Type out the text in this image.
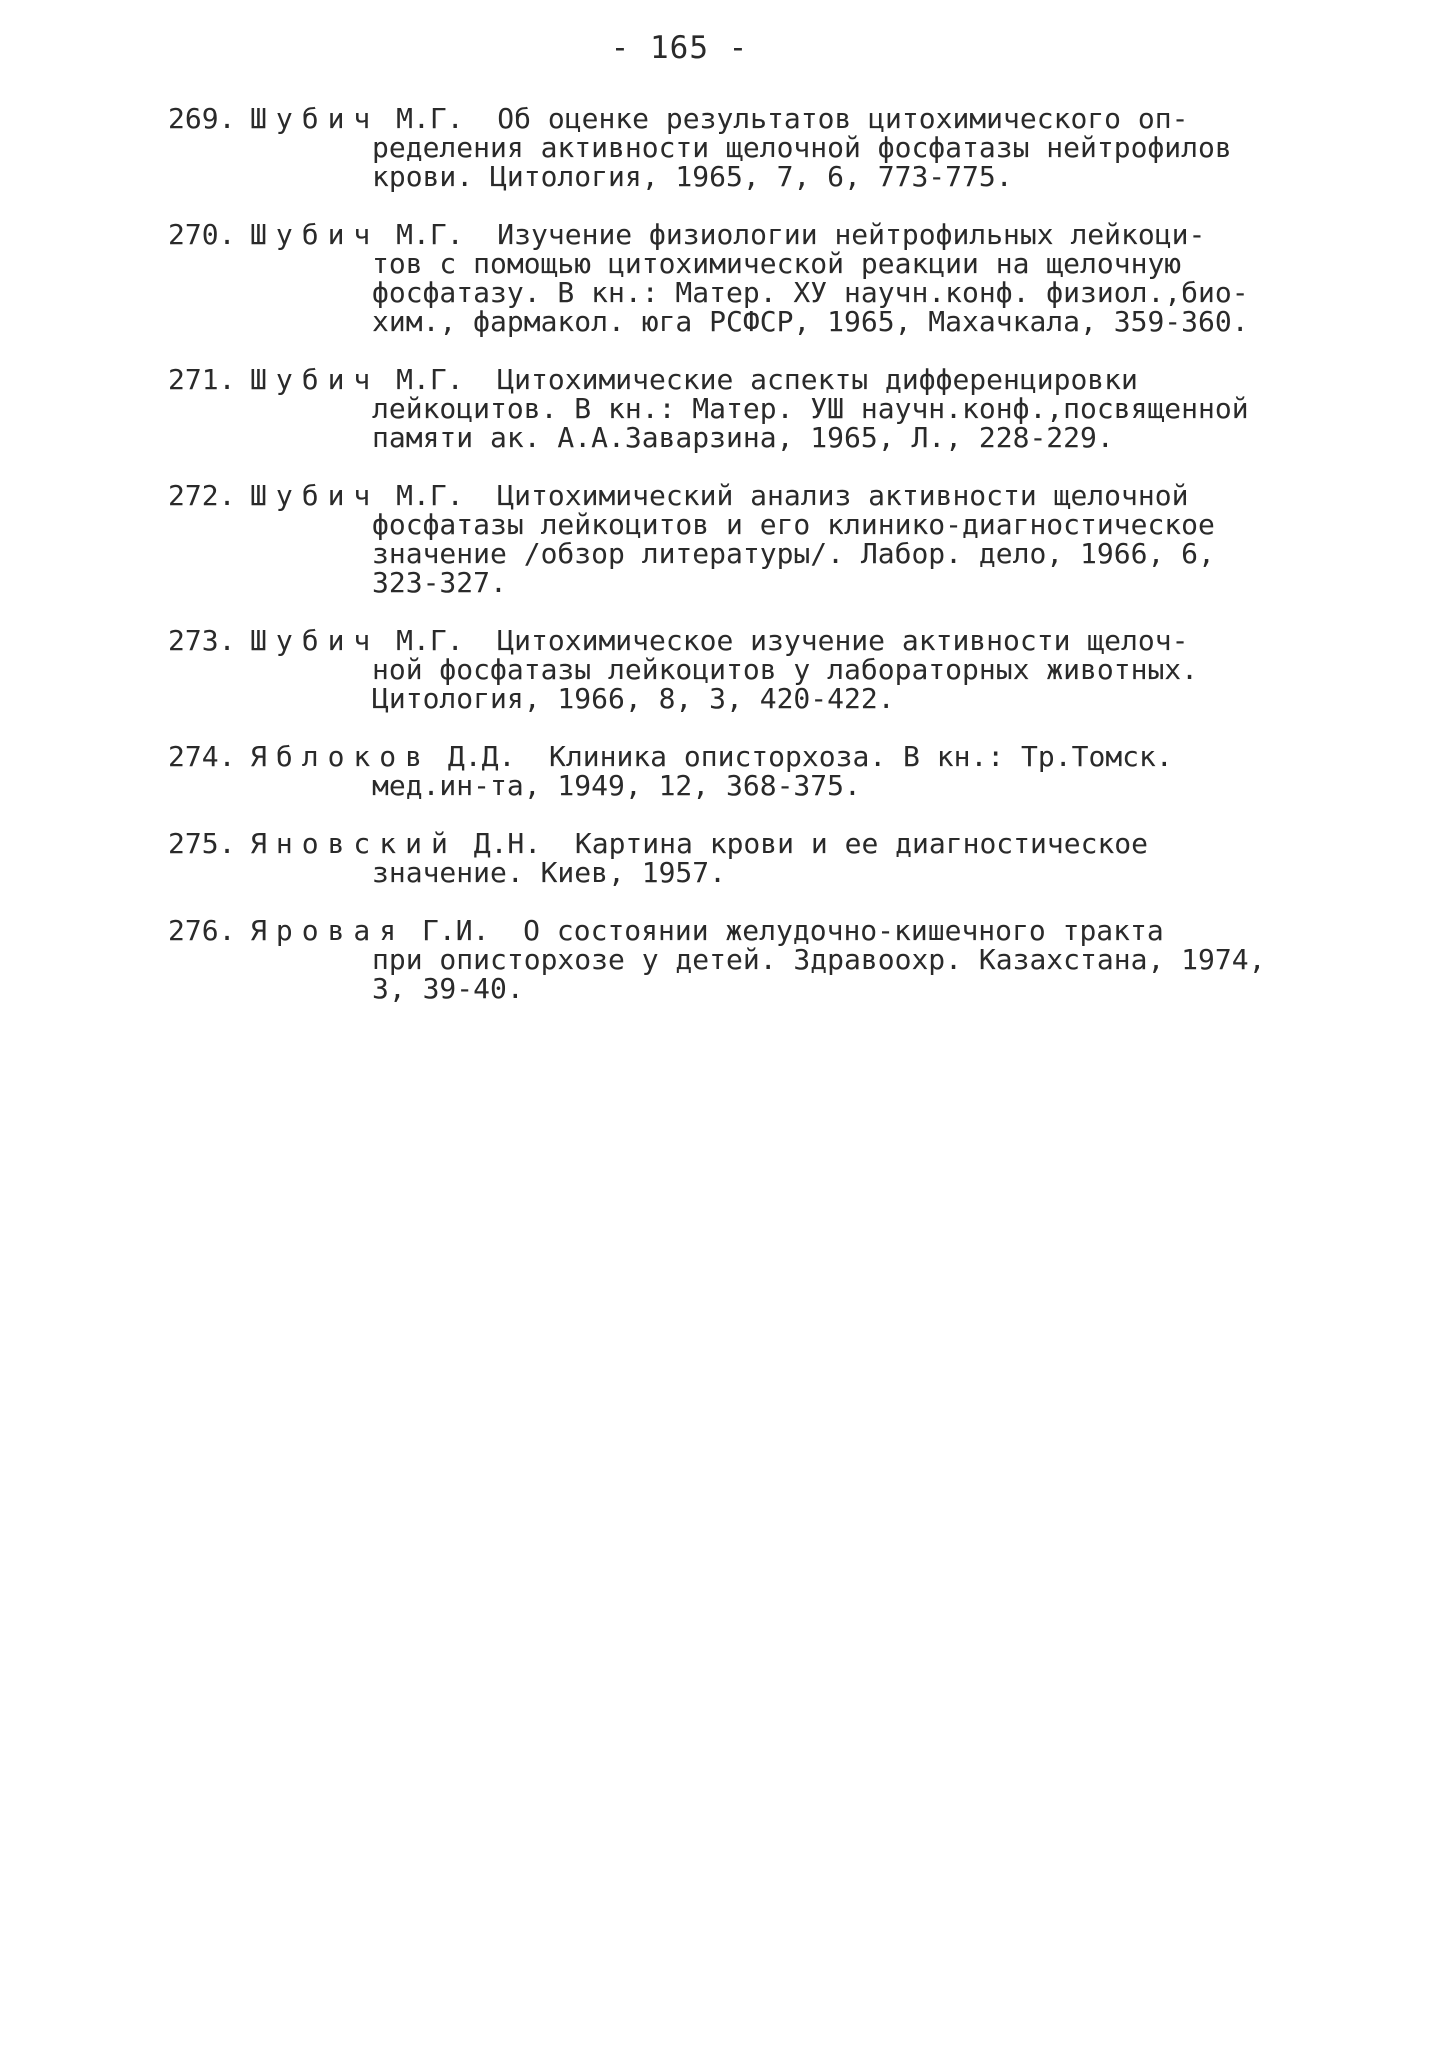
- 165 -
269. Шубич М.Г.  Об оценке результатов цитохимического оп-
ределения активности щелочной фосфатазы нейтрофилов
крови. Цитология, 1965, 7, 6, 773-775.
270. Шубич М.Г.  Изучение физиологии нейтрофильных лейкоци-
тов с помощью цитохимической реакции на щелочную
фосфатазу. В кн.: Матер. ХУ научн.конф. физиол.,био-
хим., фармакол. юга РСФСР, 1965, Махачкала, 359-360.
271. Шубич М.Г.  Цитохимические аспекты дифференцировки
лейкоцитов. В кн.: Матер. УШ научн.конф.,посвященной
памяти ак. А.А.Заварзина, 1965, Л., 228-229.
272. Шубич М.Г.  Цитохимический анализ активности щелочной
фосфатазы лейкоцитов и его клинико-диагностическое
значение /обзор литературы/. Лабор. дело, 1966, 6,
323-327.
273. Шубич М.Г.  Цитохимическое изучение активности щелоч-
ной фосфатазы лейкоцитов у лабораторных животных.
Цитология, 1966, 8, 3, 420-422.
274. Яблоков Д.Д.  Клиника описторхоза. В кн.: Тр.Томск.
мед.ин-та, 1949, 12, 368-375.
275. Яновский Д.Н.  Картина крови и ее диагностическое
значение. Киев, 1957.
276. Яровая Г.И.  О состоянии желудочно-кишечного тракта
при описторхозе у детей. Здравоохр. Казахстана, 1974,
3, 39-40.
